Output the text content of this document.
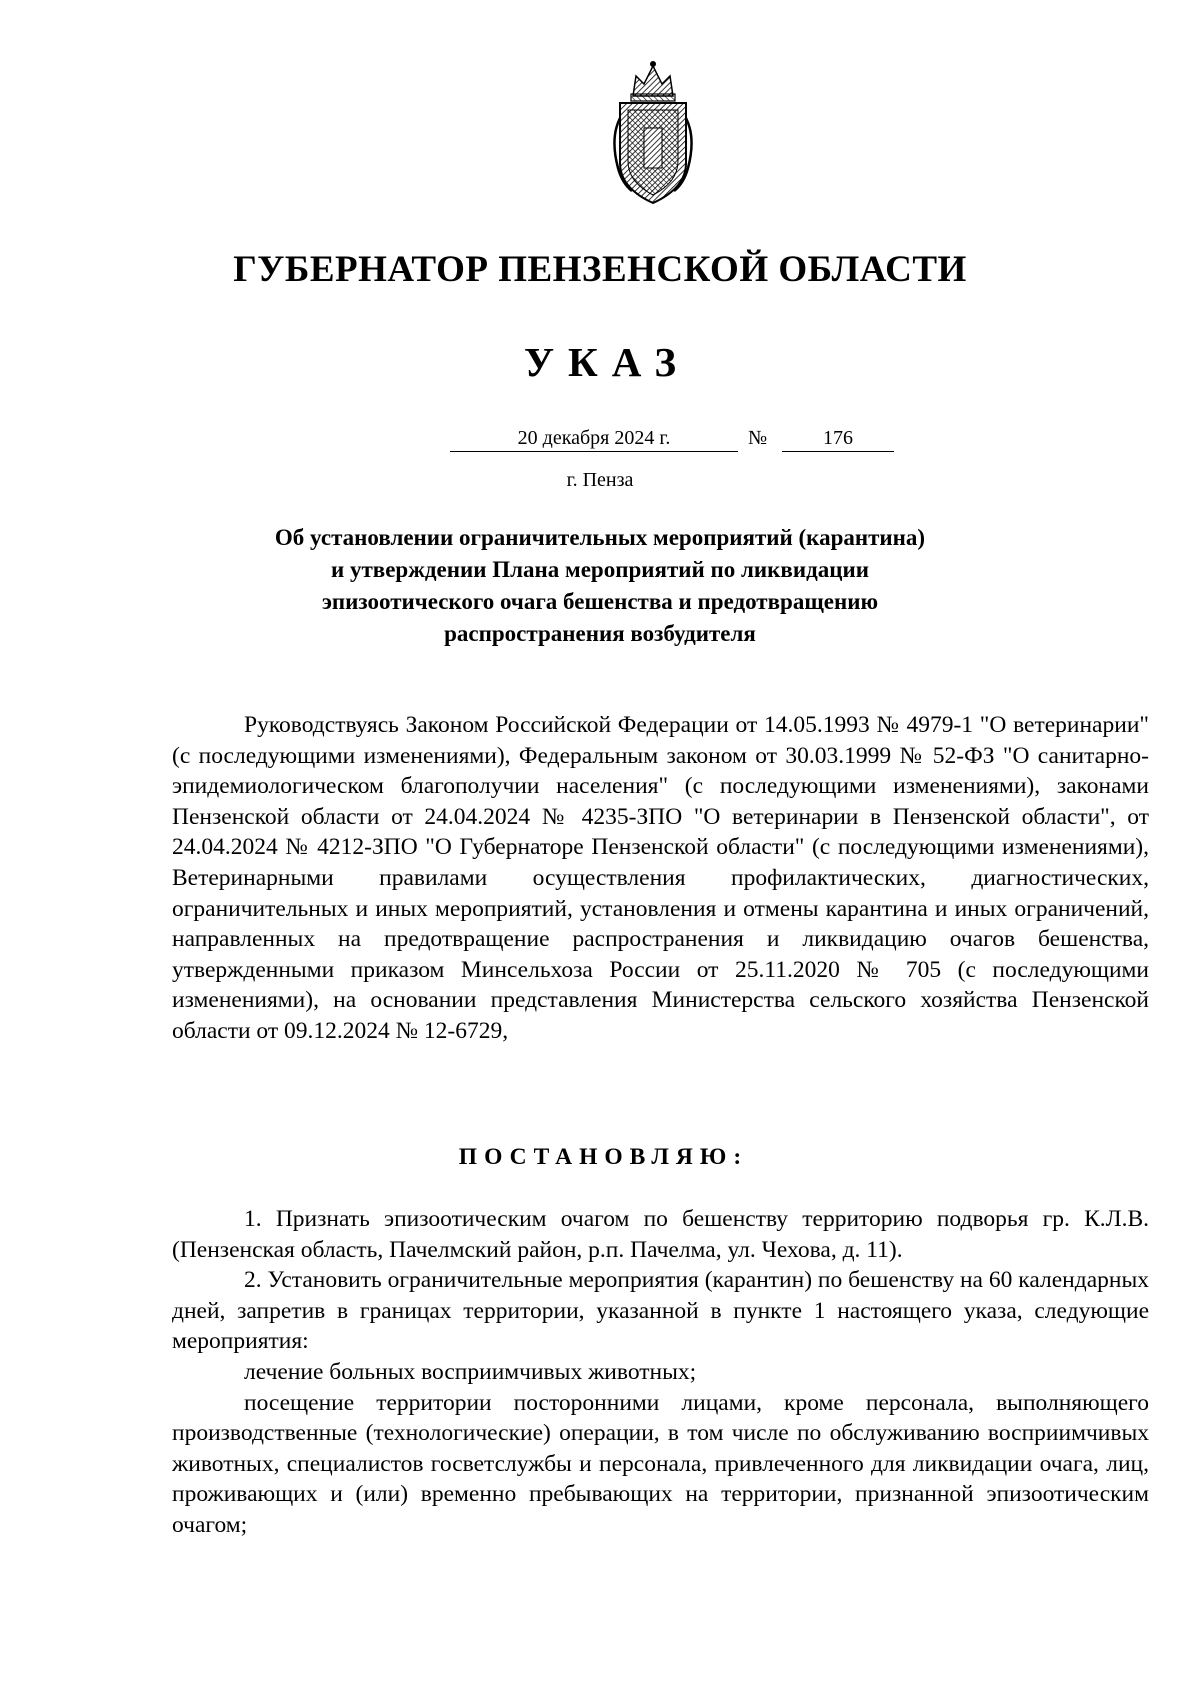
ГУБЕРНАТОР ПЕНЗЕНСКОЙ ОБЛАСТИ
УКАЗ
20 декабря 2024 г.	№	176
г. Пенза
Об установлении ограничительных мероприятий (карантина)
и утверждении Плана мероприятий по ликвидации
эпизоотического очага бешенства и предотвращению
распространения возбудителя

Руководствуясь Законом Российской Федерации от 14.05.1993 № 4979-1 "О ветеринарии" (с последующими изменениями), Федеральным законом от 30.03.1999 № 52-ФЗ "О санитарно-эпидемиологическом благополучии населения" (с последующими изменениями), законами Пензенской области от 24.04.2024 № 4235-ЗПО "О ветеринарии в Пензенской области", от 24.04.2024 № 4212-ЗПО "О Губернаторе Пензенской области" (с последующими изменениями), Ветеринарными правилами осуществления профилактических, диагностических, ограничительных и иных мероприятий, установления и отмены карантина и иных ограничений, направленных на предотвращение распространения и ликвидацию очагов бешенства, утвержденными приказом Минсельхоза России от 25.11.2020 № 705 (с последующими изменениями), на основании представления Министерства сельского хозяйства Пензенской области от 09.12.2024 № 12-6729,

ПОСТАНОВЛЯЮ:

1. Признать эпизоотическим очагом по бешенству территорию подворья гр. К.Л.В. (Пензенская область, Пачелмский район, р.п. Пачелма, ул. Чехова, д. 11).

2. Установить ограничительные мероприятия (карантин) по бешенству на 60 календарных дней, запретив в границах территории, указанной в пункте 1 настоящего указа, следующие мероприятия:

лечение больных восприимчивых животных;

посещение территории посторонними лицами, кроме персонала, выполняющего производственные (технологические) операции, в том числе по обслуживанию восприимчивых животных, специалистов госветслужбы и персонала, привлеченного для ликвидации очага, лиц, проживающих и (или) временно пребывающих на территории, признанной эпизоотическим очагом;
